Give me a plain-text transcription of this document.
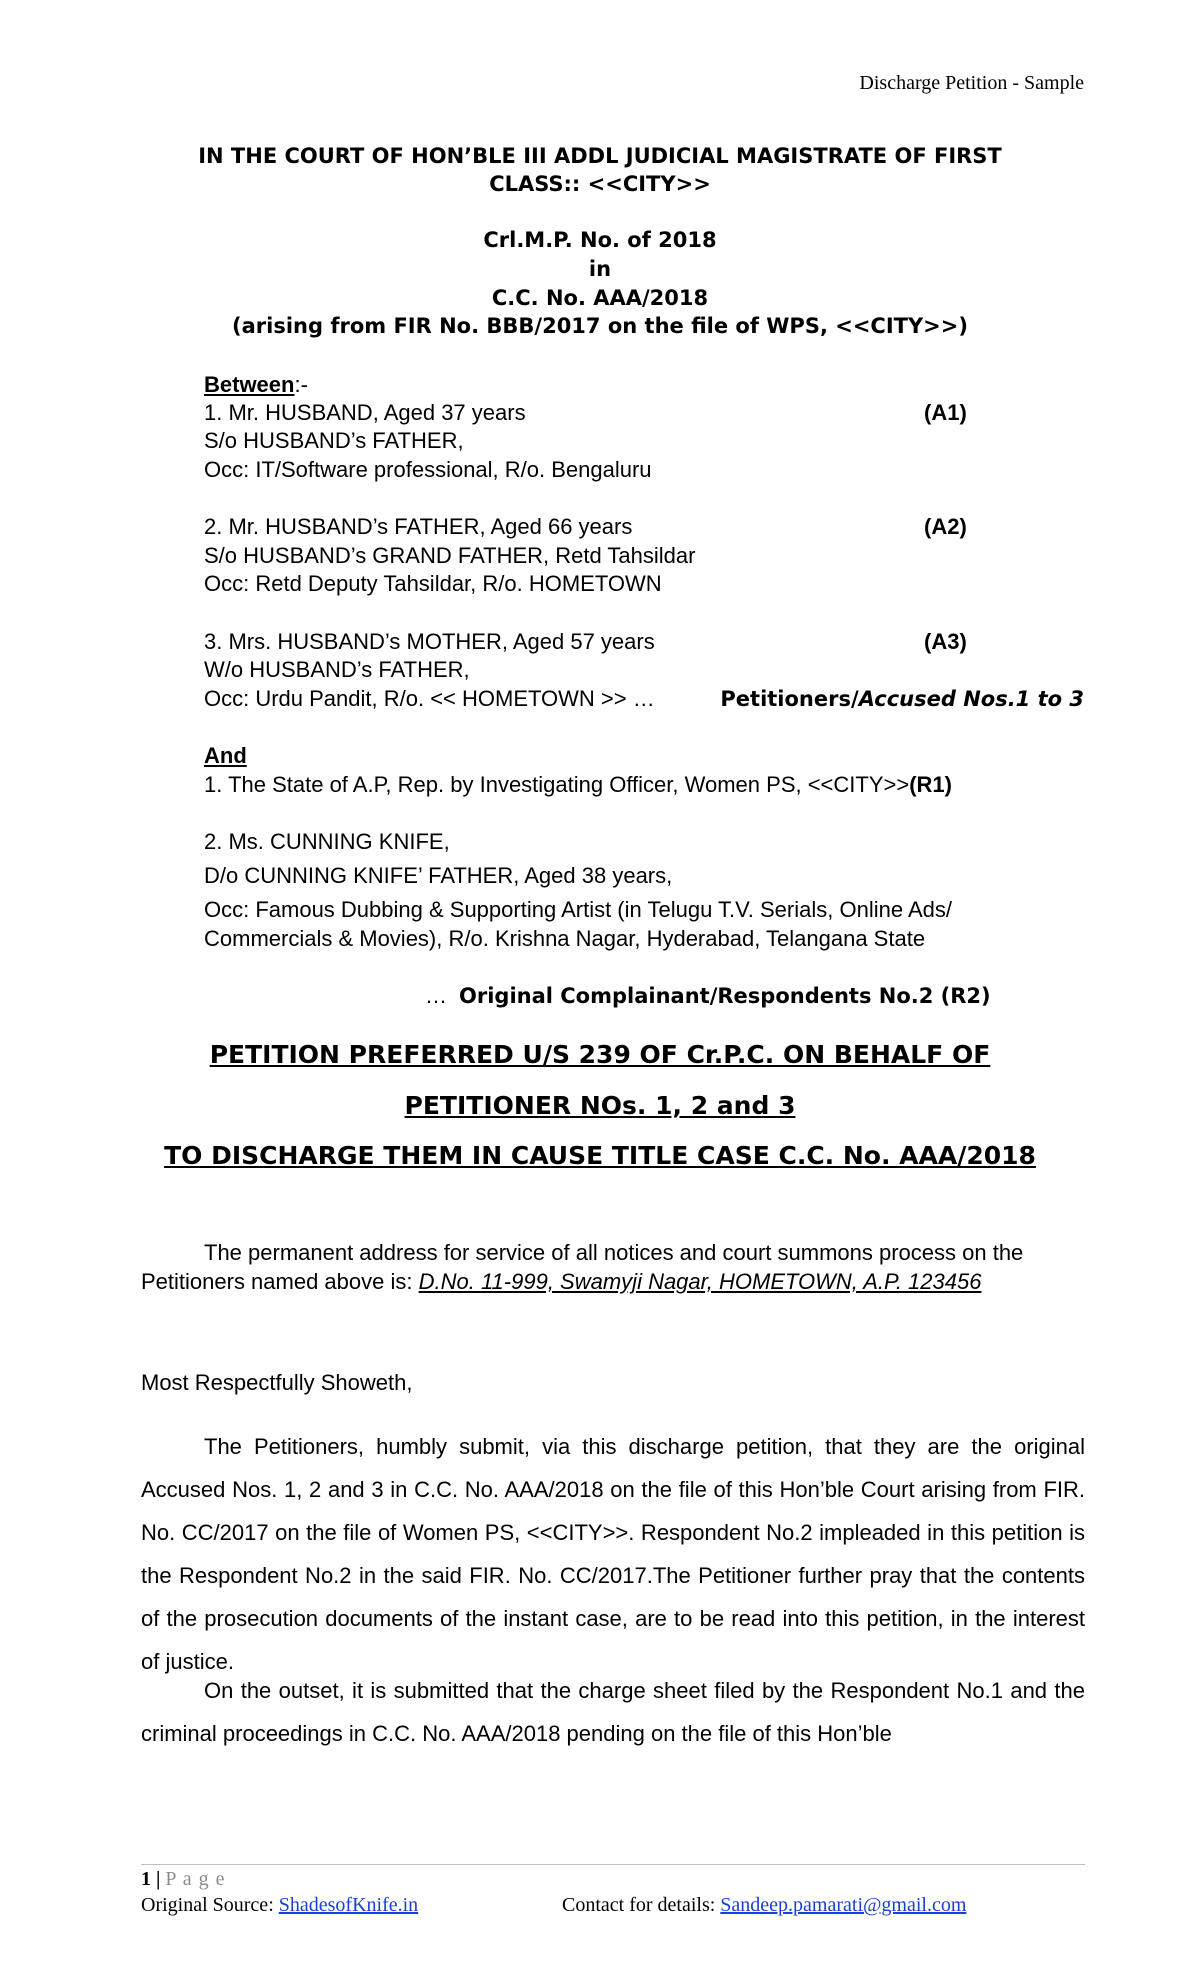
Discharge Petition - Sample
IN THE COURT OF HON’BLE III ADDL JUDICIAL MAGISTRATE OF FIRST
CLASS:: <<CITY>>
Crl.M.P. No. of 2018
in
C.C. No. AAA/2018
(arising from FIR No. BBB/2017 on the file of WPS, <<CITY>>)
Between:-
1. Mr. HUSBAND, Aged 37 years	(A1)
S/o HUSBAND’s FATHER,
Occ: IT/Software professional, R/o. Bengaluru
2. Mr. HUSBAND’s FATHER, Aged 66 years	(A2)
S/o HUSBAND’s GRAND FATHER, Retd Tahsildar
Occ: Retd Deputy Tahsildar, R/o. HOMETOWN
3. Mrs. HUSBAND’s MOTHER, Aged 57 years	(A3)
W/o HUSBAND’s FATHER,
Occ: Urdu Pandit, R/o. << HOMETOWN >> …	Petitioners/Accused Nos.1 to 3
And
1. The State of A.P, Rep. by Investigating Officer, Women PS, <<CITY>>(R1)
2. Ms. CUNNING KNIFE,
D/o CUNNING KNIFE’ FATHER, Aged 38 years,
Occ: Famous Dubbing & Supporting Artist (in Telugu T.V. Serials, Online Ads/
Commercials & Movies), R/o. Krishna Nagar, Hyderabad, Telangana State
… Original Complainant/Respondents No.2 (R2)
PETITION PREFERRED U/S 239 OF Cr.P.C. ON BEHALF OF
PETITIONER NOs. 1, 2 and 3
TO DISCHARGE THEM IN CAUSE TITLE CASE C.C. No. AAA/2018
The permanent address for service of all notices and court summons process on the
Petitioners named above is: D.No. 11-999, Swamyji Nagar, HOMETOWN, A.P. 123456
Most Respectfully Showeth,
The Petitioners, humbly submit, via this discharge petition, that they are the original Accused Nos. 1, 2 and 3 in C.C. No. AAA/2018 on the file of this Hon’ble Court arising from FIR. No. CC/2017 on the file of Women PS, <<CITY>>. Respondent No.2 impleaded in this petition is the Respondent No.2 in the said FIR. No. CC/2017.The Petitioner further pray that the contents of the prosecution documents of the instant case, are to be read into this petition, in the interest of justice.
On the outset, it is submitted that the charge sheet filed by the Respondent No.1 and the criminal proceedings in C.C. No. AAA/2018 pending on the file of this Hon’ble
1 | P a g e
Original Source: ShadesofKnife.in	Contact for details: Sandeep.pamarati@gmail.com
